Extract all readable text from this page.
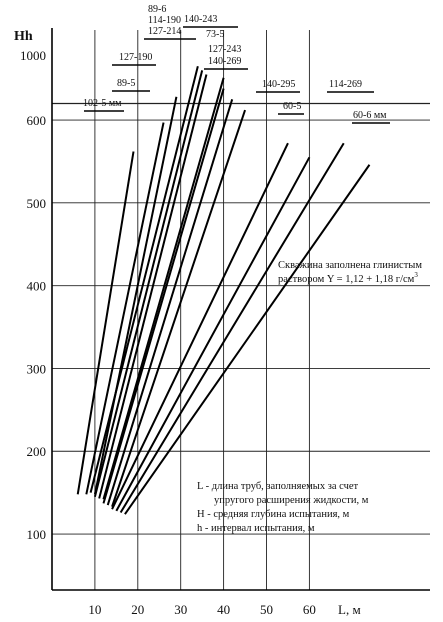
100
200
300
400
500
600
1000
10 20 30 40 50 60
102-5 мм
89-5
127-190
89-6
114-190
127-214
140-243
73-5
127-243
140-269
140-295
60-5
114-269
60-6 мм
Hh
L, м
Скважина заполнена глинистым
раствором Y = 1,12 + 1,18 $г/см^3$
L - длина труб, заполняемых за счет
упругого расширения жидкости, м
H - средняя глубина испытания, м
h - интервал испытания, м
